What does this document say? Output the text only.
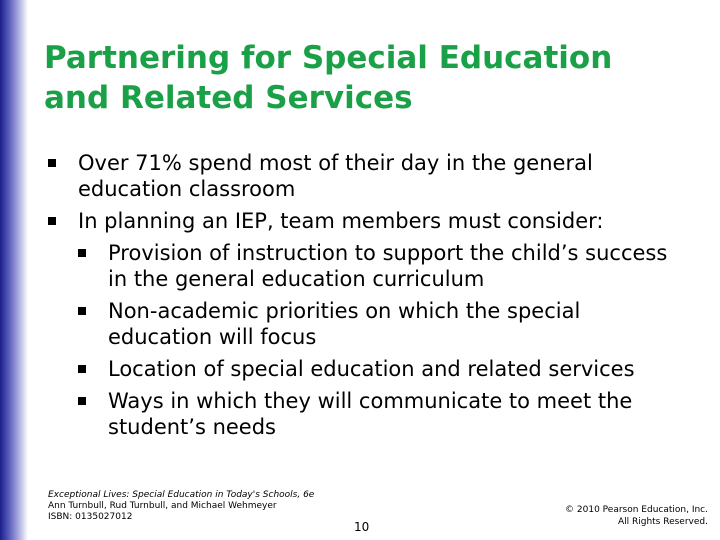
Partnering for Special Education
and Related Services
Over 71% spend most of their day in the general education classroom
In planning an IEP, team members must consider:
Provision of instruction to support the child’s success in the general education curriculum
Non-academic priorities on which the special education will focus
Location of special education and related services
Ways in which they will communicate to meet the student’s needs
Exceptional Lives: Special Education in Today's Schools, 6e
Ann Turnbull, Rud Turnbull, and Michael Wehmeyer
ISBN: 0135027012
10
© 2010 Pearson Education, Inc.
All Rights Reserved.
